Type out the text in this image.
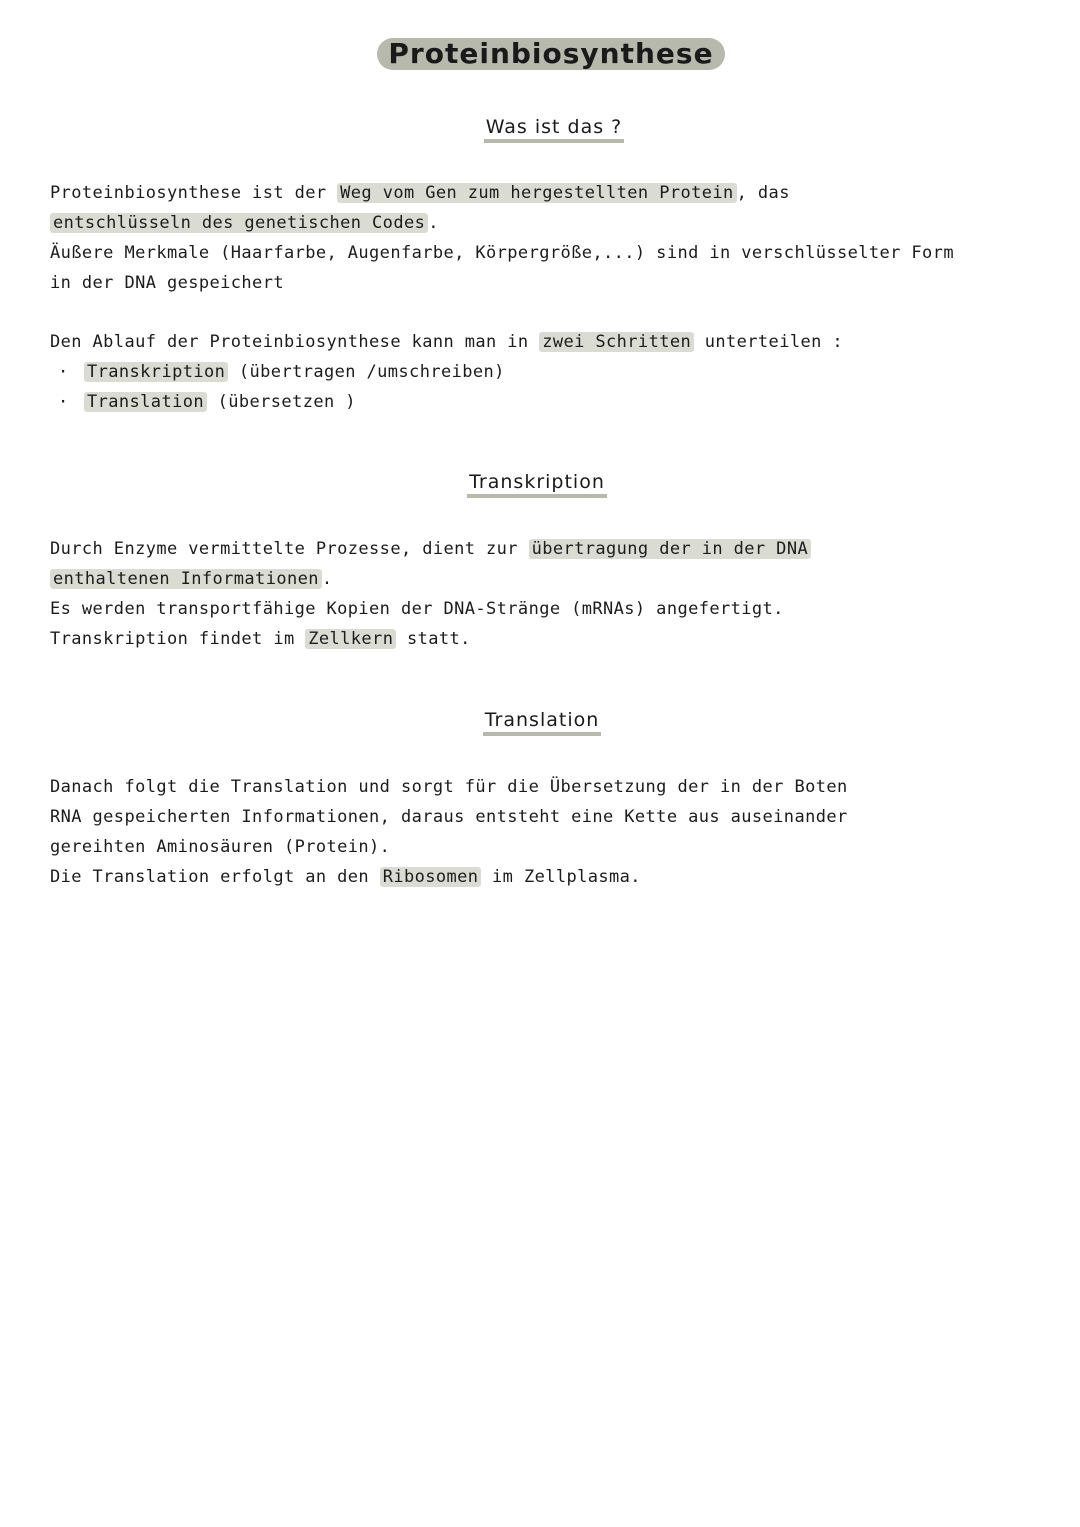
Proteinbiosynthese
Was ist das ?
Proteinbiosynthese ist der Weg vom Gen zum hergestellten Protein , das
entschlüsseln des genetischen Codes .
Äußere Merkmale (Haarfarbe, Augenfarbe, Körpergröße,...) sind in verschlüsselter Form
in der DNA gespeichert
Den Ablauf der Proteinbiosynthese kann man in zwei Schritten unterteilen :
· Transkription (übertragen /umschreiben)
· Translation (übersetzen )
Transkription
Durch Enzyme vermittelte Prozesse, dient zur übertragung der in der DNA
enthaltenen Informationen .
Es werden transportfähige Kopien der DNA-Stränge (mRNAs) angefertigt.
Transkription findet im Zellkern statt.
Translation
Danach folgt die Translation und sorgt für die Übersetzung der in der Boten
RNA gespeicherten Informationen, daraus entsteht eine Kette aus auseinander
gereihten Aminosäuren (Protein).
Die Translation erfolgt an den Ribosomen im Zellplasma.
